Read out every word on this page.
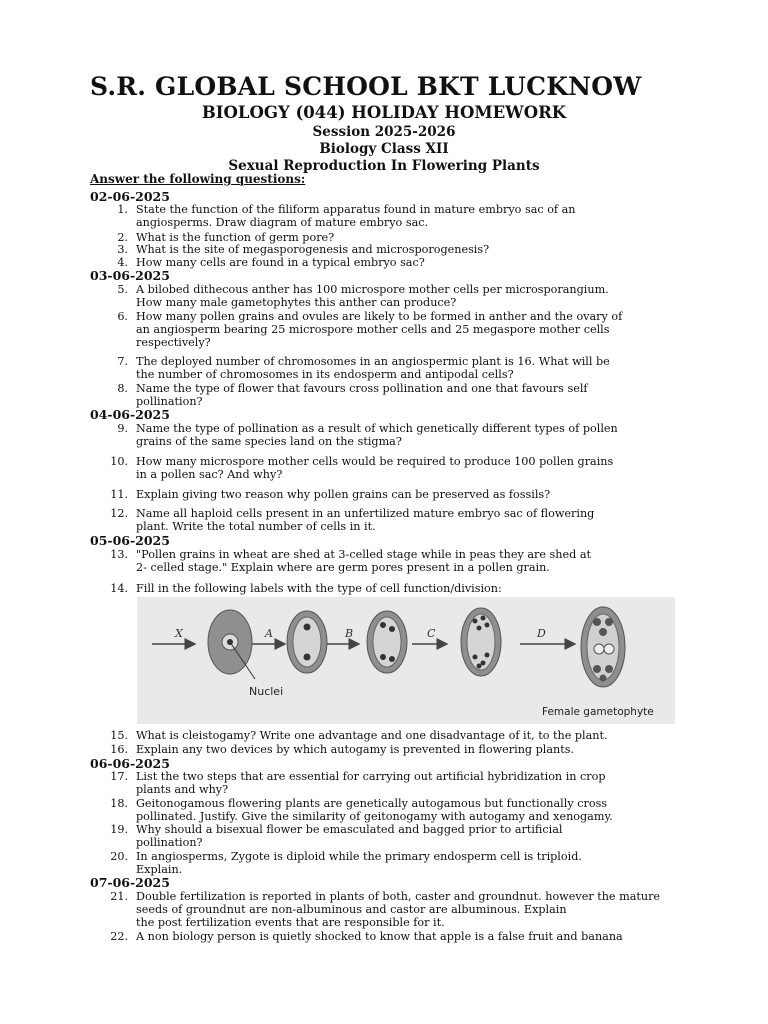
S.R. GLOBAL SCHOOL BKT LUCKNOW
BIOLOGY (044) HOLIDAY HOMEWORK
Session 2025-2026
Biology Class XII
Sexual Reproduction In Flowering Plants
Answer the following questions:
02-06-2025
03-06-2025
04-06-2025
05-06-2025
06-06-2025
07-06-2025
1. State the function of the filiform apparatus found in mature embryo sac of an
angiosperms. Draw diagram of mature embryo sac.
2. What is the function of germ pore?
3. What is the site of megasporogenesis and microsporogenesis?
4. How many cells are found in a typical embryo sac?
5. A bilobed dithecous anther has 100 microspore mother cells per microsporangium.
How many male gametophytes this anther can produce?
6. How many pollen grains and ovules are likely to be formed in anther and the ovary of
an angiosperm bearing 25 microspore mother cells and 25 megaspore mother cells
respectively?
7. The deployed number of chromosomes in an angiospermic plant is 16. What will be
the number of chromosomes in its endosperm and antipodal cells?
8. Name the type of flower that favours cross pollination and one that favours self
pollination?
9. Name the type of pollination as a result of which genetically different types of pollen
grains of the same species land on the stigma?
10. How many microspore mother cells would be required to produce 100 pollen grains
in a pollen sac? And why?
11. Explain giving two reason why pollen grains can be preserved as fossils?
12. Name all haploid cells present in an unfertilized mature embryo sac of flowering
plant. Write the total number of cells in it.
13. "Pollen grains in wheat are shed at 3-celled stage while in peas they are shed at
2- celled stage." Explain where are germ pores present in a pollen grain.
14. Fill in the following labels with the type of cell function/division:
15. What is cleistogamy? Write one advantage and one disadvantage of it, to the plant.
16. Explain any two devices by which autogamy is prevented in flowering plants.
17. List the two steps that are essential for carrying out artificial hybridization in crop
plants and why?
18. Geitonogamous flowering plants are genetically autogamous but functionally cross
pollinated. Justify. Give the similarity of geitonogamy with autogamy and xenogamy.
19. Why should a bisexual flower be emasculated and bagged prior to artificial
pollination?
20. In angiosperms, Zygote is diploid while the primary endosperm cell is triploid.
Explain.
21. Double fertilization is reported in plants of both, caster and groundnut. however the mature
seeds of groundnut are non-albuminous and castor are albuminous. Explain
the post fertilization events that are responsible for it.
22. A non biology person is quietly shocked to know that apple is a false fruit and banana
X	A	B	C	D
Nuclei
Female gametophyte
